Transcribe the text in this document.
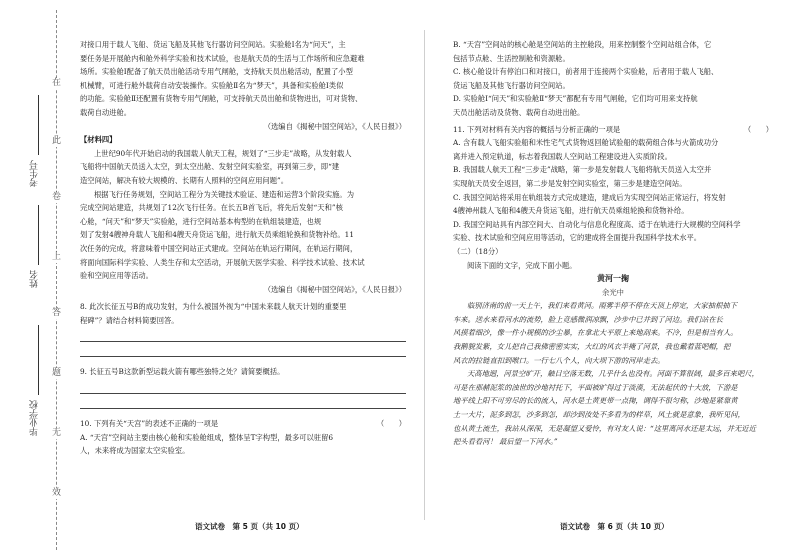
在
此
卷
上
答
题
无
效
考生号
姓名
毕业学校

对接口用于载人飞船、货运飞船及其他飞行器访问空间站。实验舱Ⅰ名为“问天”，主

要任务是开展舱内和舱外科学实验和技术试验，也是航天员的生活与工作场所和应急避难

场所。实验舱Ⅰ配备了航天员出舱活动专用气闸舱，支持航天员出舱活动，配置了小型

机械臂，可进行舱外载荷自动安装操作。实验舱Ⅱ名为“梦天”，具备和实验舱Ⅰ类似

的功能。实验舱Ⅱ还配置有货物专用气闸舱，可支持航天员出舱和货物进出，可对货物、

载荷自动进舱。

（选编自《揭秘中国空间站》，《人民日报》）

【材料四】

上世纪90年代开始启动的我国载人航天工程，规划了“三步走”战略，从发射载人

飞船将中国航天员送入太空，到太空出舱、发射空间实验室，再到第三步，即“建

造空间站，解决有较大规模的、长期有人照料的空间应用问题”。

根据飞行任务规划，空间站工程分为关键技术验证、建造和运营3个阶段实施。为

完成空间站建造，共规划了12次飞行任务。在长五B首飞后，将先后发射“天和”核

心舱，“问天”和“梦天”实验舱，进行空间站基本构型的在轨组装建造，也规

划了发射4艘神舟载人飞船和4艘天舟货运飞船，进行航天员乘组轮换和货物补给。11

次任务的完成，将意味着中国空间站正式建成。空间站在轨运行期间，在轨运行期间，

将面向国际科学实验、人类生存和太空活动，开展航天医学实验、科学技术试验、技术试

验和空间应用等活动。

（选编自《揭秘中国空间站》，《人民日报》）

8. 此次长征五号B的成功发射，为什么被国外视为“中国未来载人航天计划的重要里

程碑”？请结合材料简要回答。

9. 长征五号B这款新型运载火箭有哪些独特之处？请简要概括。

10. 下列有关“天宫”的表述不正确的一项是	（　　）

A. “天宫”空间站主要由核心舱和实验舱组成，整体呈T字构型，最多可以驻留6

人，未来将成为国家太空实验室。

B. “天宫”空间站的核心舱是空间站的主控舱段，用来控制整个空间站组合体，它

包括节点舱、生活控制舱和资源舱。

C. 核心舱设计有停泊口和对接口，前者用于连接两个实验舱，后者用于载人飞船、

货运飞船及其他飞行器访问空间站。

D. 实验舱Ⅰ“问天”和实验舱Ⅱ“梦天”都配有专用气闸舱，它们均可用来支持航

天员出舱活动及货物、载荷自动进出舱。

11. 下列对材料有关内容的概括与分析正确的一项是	（　　）

A. 含有载人飞船实验船和米性宅气式货物返回舱试验船的载荷组合体与火箭成功分

离并进入预定轨道，标志着我国载人空间站工程建设进入实质阶段。

B. 我国载人航天工程“三步走”战略，第一步是发射载人飞船将航天员送入太空并

实现航天员安全返回，第二步是发射空间实验室，第三步是建造空间站。

C. 我国空间站将采用在轨组装方式完成建造，建成后为实现空间站正常运行，将发射

4艘神州载人飞船和4艘天舟货运飞船，进行航天员乘组轮换和货物补给。

D. 我国空间站具有内部空间大、自动化与信息化程度高、适于在轨进行大规模的空间科学

实验、技术试验和空间应用等活动，它的建成将全面提升我国科学技术水平。

（二）（18分）

阅读下面的文字，完成下面小题。

黄河一掬

余光中

临别济南的前一天上午，我们来看黄河。雨雾半停不停在天顶上停定，大家抽根抽下

车来。送水来看河水的流势，脸上竟感微润凉飘，沙步中已并到了河边。我们站在长

风摸着细沙，像一件小规模的沙尘暴，在拿北大平原上来地刮来。不冷，但是相当有人。

我鹅貌发紫，女儿把自己我佛密密实实，大红的风衣半掩了河景，我也戴着蓝吧帽，把

风衣的拉链直扣到喉口。一行七八个人，向大坝下游的河岸走去。

天高地迥，河景空旷开，触目空落无数，几乎什么也没有。河面不算很阔，最多百来吧尺，

可是在那赭泥浆的浊世的沙地衬托下，平面被旷得过于淡漠，无法起伏的十大放，下游是

地平线上阳不可穷尽的长的流入，河水是土黄更带一点掬，调得不很匀称，沙地是紧靠黄

土一大片，泥多到怎，沙多到怎，却沙到汝处不多看为的样草，风土就是意象，我听见问，

也从黄土流生，我站从深深，无是凝望又爱怜，有对友人说：“这里离河水还是太远，并无近近

把头看看河！ 最后望一下河水。”

语文试卷　第 5 页（共 10 页）	语文试卷　第 6 页（共 10 页）
